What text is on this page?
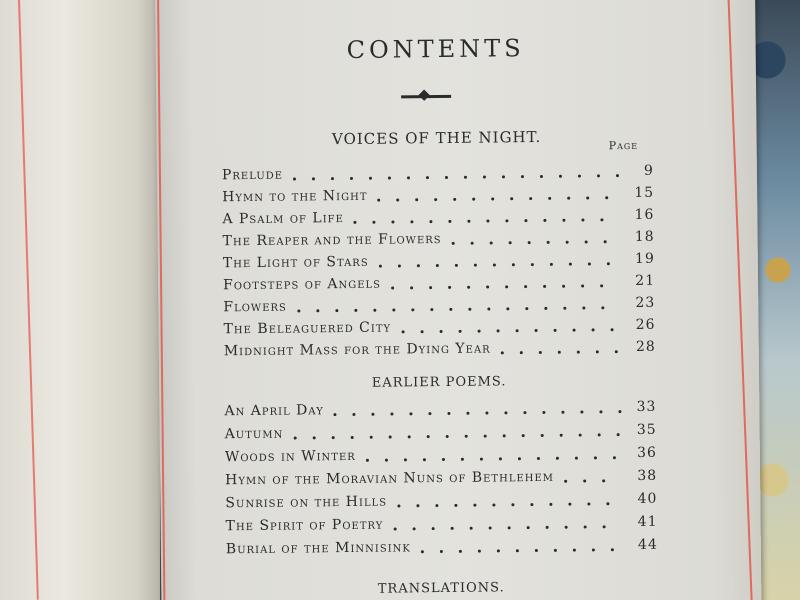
CONTENTS
VOICES OF THE NIGHT.	Page
Prelude	9
Hymn to the Night	15
A Psalm of Life	16
The Reaper and the Flowers	18
The Light of Stars	19
Footsteps of Angels	21
Flowers	23
The Beleaguered City	26
Midnight Mass for the Dying Year	28
EARLIER POEMS.
An April Day	33
Autumn	35
Woods in Winter	36
Hymn of the Moravian Nuns of Bethlehem	38
Sunrise on the Hills	40
The Spirit of Poetry	41
Burial of the Minnisink	44
TRANSLATIONS.
